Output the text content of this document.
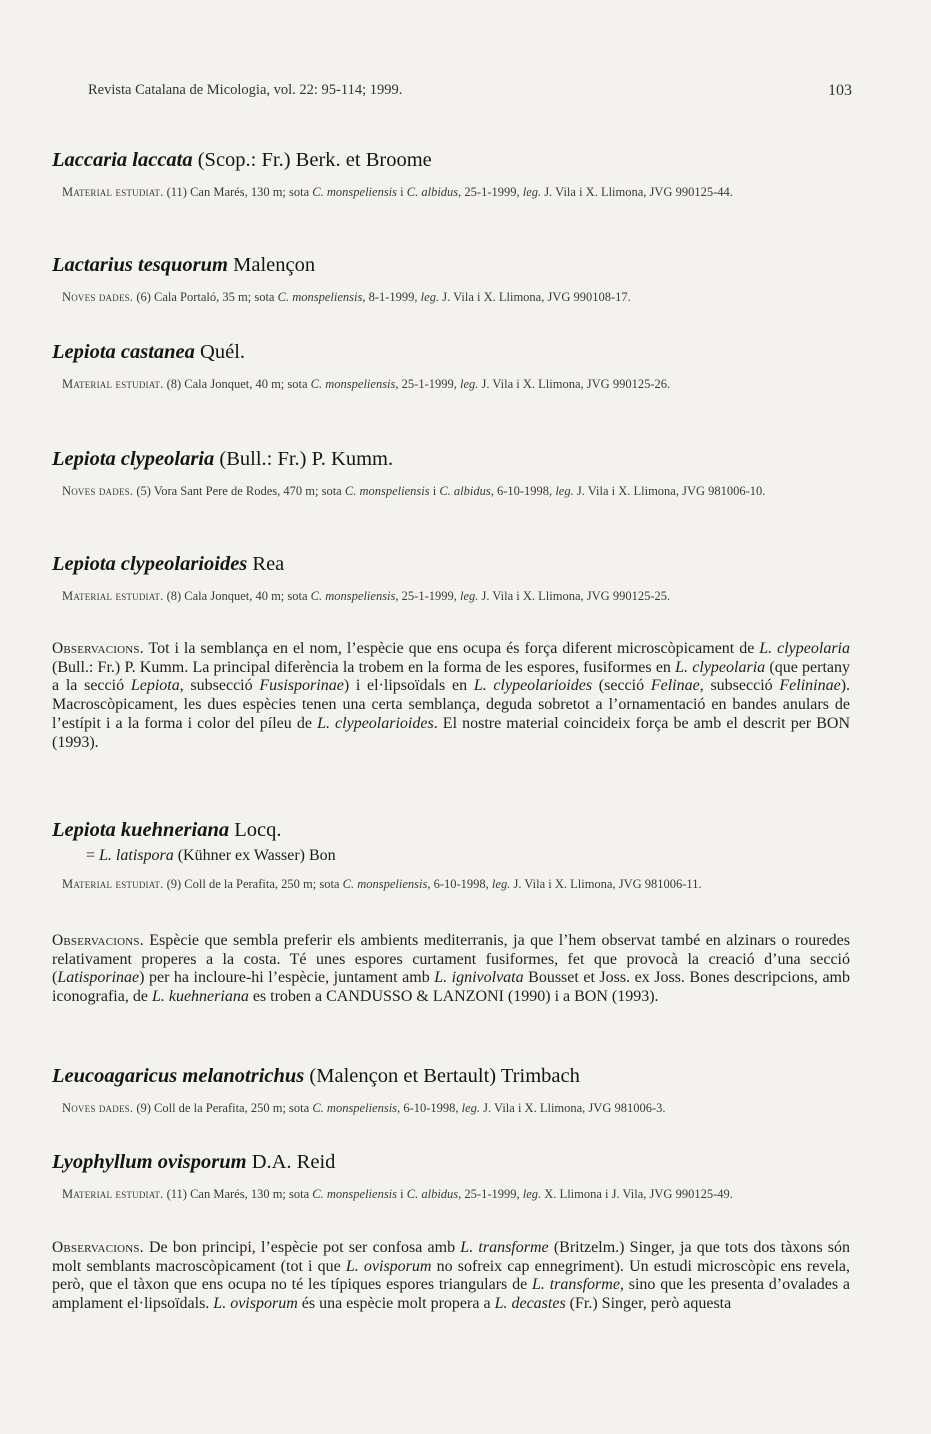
Revista Catalana de Micologia, vol. 22: 95-114; 1999.	103
Laccaria laccata (Scop.: Fr.) Berk. et Broome
Material estudiat. (11) Can Marés, 130 m; sota C. monspeliensis i C. albidus, 25-1-1999, leg. J. Vila i X. Llimona, JVG 990125-44.
Lactarius tesquorum Malençon
Noves dades. (6) Cala Portaló, 35 m; sota C. monspeliensis, 8-1-1999, leg. J. Vila i X. Llimona, JVG 990108-17.
Lepiota castanea Quél.
Material estudiat. (8) Cala Jonquet, 40 m; sota C. monspeliensis, 25-1-1999, leg. J. Vila i X. Llimona, JVG 990125-26.
Lepiota clypeolaria (Bull.: Fr.) P. Kumm.
Noves dades. (5) Vora Sant Pere de Rodes, 470 m; sota C. monspeliensis i C. albidus, 6-10-1998, leg. J. Vila i X. Llimona, JVG 981006-10.
Lepiota clypeolarioides Rea
Material estudiat. (8) Cala Jonquet, 40 m; sota C. monspeliensis, 25-1-1999, leg. J. Vila i X. Llimona, JVG 990125-25.
Observacions. Tot i la semblança en el nom, l’espècie que ens ocupa és força diferent microscòpicament de L. clypeolaria (Bull.: Fr.) P. Kumm. La principal diferència la trobem en la forma de les espores, fusiformes en L. clypeolaria (que pertany a la secció Lepiota, subsecció Fusisporinae) i el·lipsoïdals en L. clypeolarioides (secció Felinae, subsecció Felininae). Macroscòpicament, les dues espècies tenen una certa semblança, deguda sobretot a l’ornamentació en bandes anulars de l’estípit i a la forma i color del píleu de L. clypeolarioides. El nostre material coincideix força be amb el descrit per BON (1993).
Lepiota kuehneriana Locq.
= L. latispora (Kühner ex Wasser) Bon
Material estudiat. (9) Coll de la Perafita, 250 m; sota C. monspeliensis, 6-10-1998, leg. J. Vila i X. Llimona, JVG 981006-11.
Observacions. Espècie que sembla preferir els ambients mediterranis, ja que l’hem observat també en alzinars o rouredes relativament properes a la costa. Té unes espores curtament fusiformes, fet que provocà la creació d’una secció (Latisporinae) per ha incloure-hi l’espècie, juntament amb L. ignivolvata Bousset et Joss. ex Joss. Bones descripcions, amb iconografia, de L. kuehneriana es troben a CANDUSSO & LANZONI (1990) i a BON (1993).
Leucoagaricus melanotrichus (Malençon et Bertault) Trimbach
Noves dades. (9) Coll de la Perafita, 250 m; sota C. monspeliensis, 6-10-1998, leg. J. Vila i X. Llimona, JVG 981006-3.
Lyophyllum ovisporum D.A. Reid
Material estudiat. (11) Can Marés, 130 m; sota C. monspeliensis i C. albidus, 25-1-1999, leg. X. Llimona i J. Vila, JVG 990125-49.
Observacions. De bon principi, l’espècie pot ser confosa amb L. transforme (Britzelm.) Singer, ja que tots dos tàxons són molt semblants macroscòpicament (tot i que L. ovisporum no sofreix cap ennegriment). Un estudi microscòpic ens revela, però, que el tàxon que ens ocupa no té les típiques espores triangulars de L. transforme, sino que les presenta d’ovalades a amplament el·lipsoïdals. L. ovisporum és una espècie molt propera a L. decastes (Fr.) Singer, però aquesta
